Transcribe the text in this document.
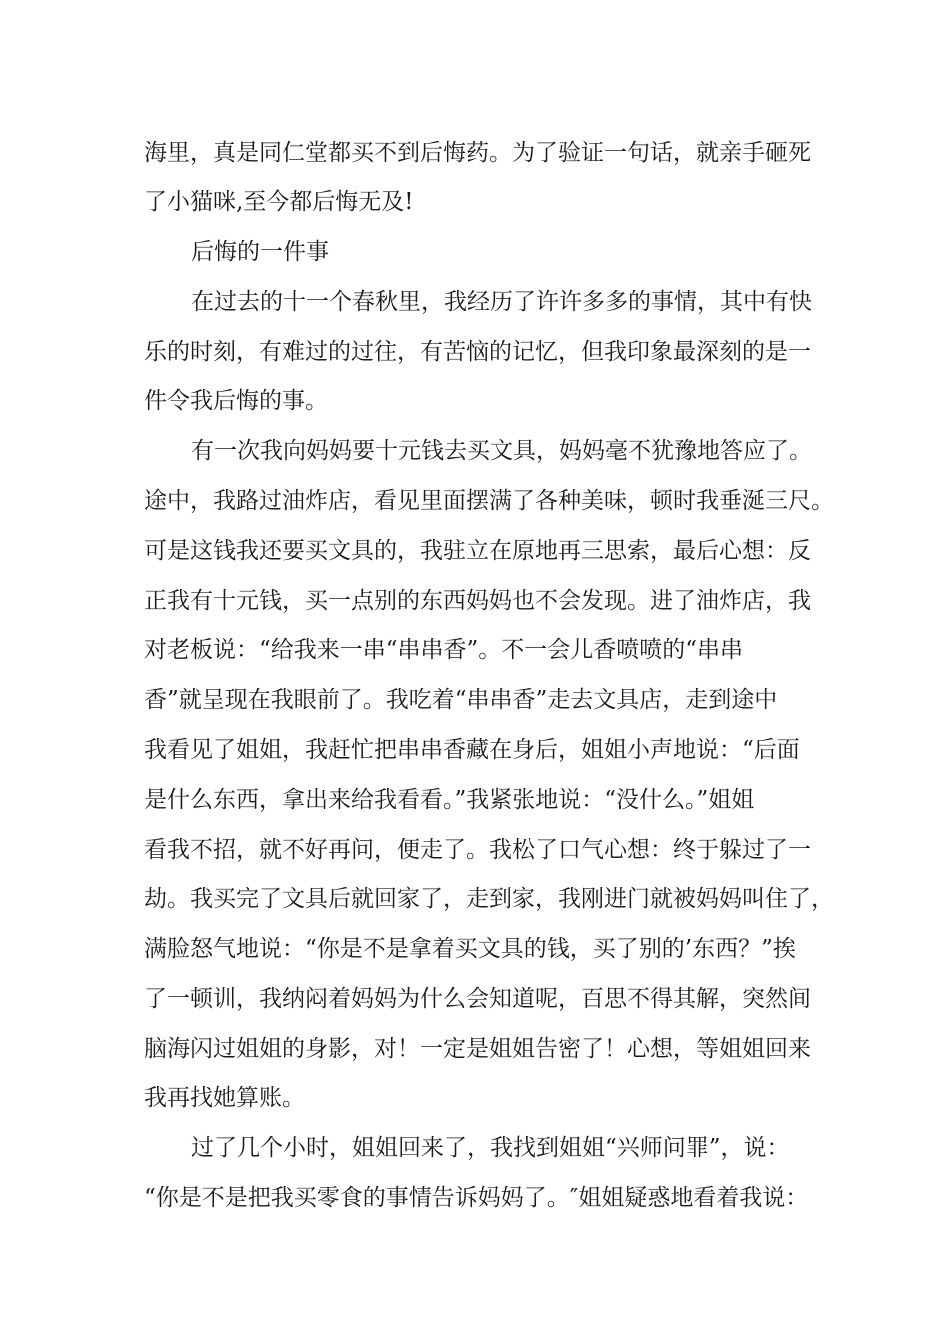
海里，真是同仁堂都买不到后悔药。为了验证一句话，就亲手砸死
了小猫咪,至今都后悔无及!
后悔的一件事
在过去的十一个春秋里，我经历了许许多多的事情，其中有快
乐的时刻，有难过的过往，有苦恼的记忆，但我印象最深刻的是一
件令我后悔的事。
有一次我向妈妈要十元钱去买文具，妈妈毫不犹豫地答应了。
途中，我路过油炸店，看见里面摆满了各种美味，顿时我垂涎三尺。
可是这钱我还要买文具的，我驻立在原地再三思索，最后心想：反
正我有十元钱，买一点别的东西妈妈也不会发现。进了油炸店，我
对老板说：“给我来一串“串串香”。不一会儿香喷喷的“串串
香”就呈现在我眼前了。我吃着“串串香”走去文具店，走到途中
我看见了姐姐，我赶忙把串串香藏在身后，姐姐小声地说：“后面
是什么东西，拿出来给我看看。”我紧张地说：“没什么。”姐姐
看我不招，就不好再问，便走了。我松了口气心想：终于躲过了一
劫。我买完了文具后就回家了，走到家，我刚进门就被妈妈叫住了，
满脸怒气地说：“你是不是拿着买文具的钱，买了别的’东西？”挨
了一顿训，我纳闷着妈妈为什么会知道呢，百思不得其解，突然间
脑海闪过姐姐的身影，对！一定是姐姐告密了！心想，等姐姐回来
我再找她算账。
过了几个小时，姐姐回来了，我找到姐姐“兴师问罪”，说：
“你是不是把我买零食的事情告诉妈妈了。″姐姐疑惑地看着我说：
